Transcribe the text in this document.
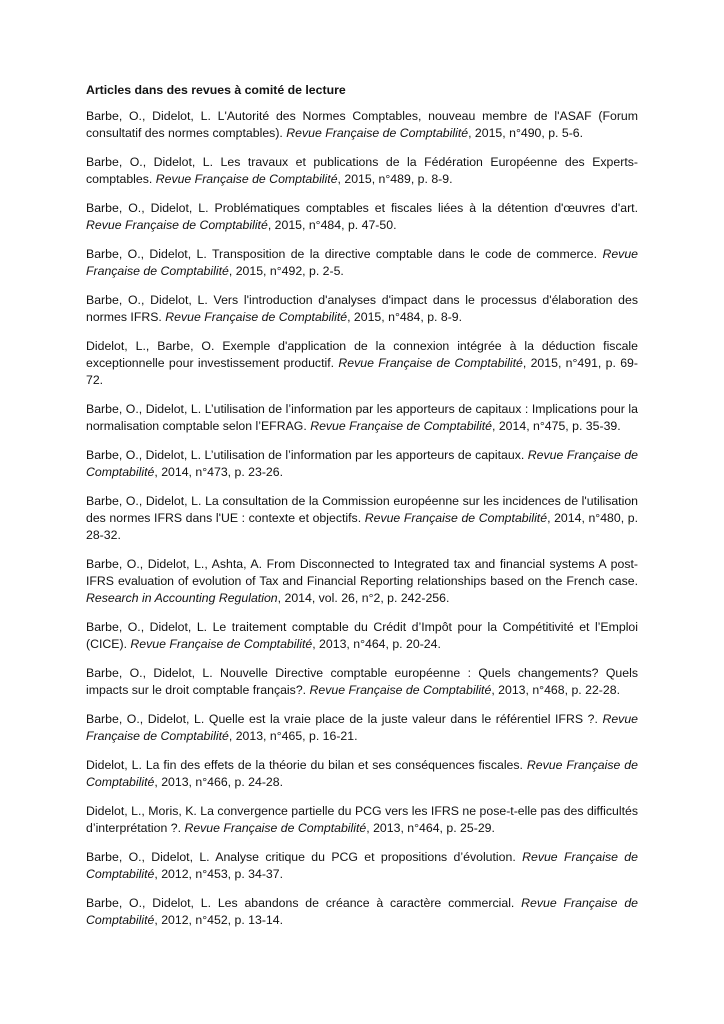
Articles dans des revues à comité de lecture

Barbe, O., Didelot, L. L'Autorité des Normes Comptables, nouveau membre de l'ASAF (Forum consultatif des normes comptables). Revue Française de Comptabilité, 2015, n°490, p. 5-6.

Barbe, O., Didelot, L. Les travaux et publications de la Fédération Européenne des Experts-comptables. Revue Française de Comptabilité, 2015, n°489, p. 8-9.

Barbe, O., Didelot, L. Problématiques comptables et fiscales liées à la détention d'œuvres d'art. Revue Française de Comptabilité, 2015, n°484, p. 47-50.

Barbe, O., Didelot, L. Transposition de la directive comptable dans le code de commerce. Revue Française de Comptabilité, 2015, n°492, p. 2-5.

Barbe, O., Didelot, L. Vers l'introduction d'analyses d'impact dans le processus d'élaboration des normes IFRS. Revue Française de Comptabilité, 2015, n°484, p. 8-9.

Didelot, L., Barbe, O. Exemple d'application de la connexion intégrée à la déduction fiscale exceptionnelle pour investissement productif. Revue Française de Comptabilité, 2015, n°491, p. 69-72.

Barbe, O., Didelot, L. L’utilisation de l’information par les apporteurs de capitaux : Implications pour la normalisation comptable selon l’EFRAG. Revue Française de Comptabilité, 2014, n°475, p. 35-39.

Barbe, O., Didelot, L. L’utilisation de l’information par les apporteurs de capitaux. Revue Française de Comptabilité, 2014, n°473, p. 23-26.

Barbe, O., Didelot, L. La consultation de la Commission européenne sur les incidences de l'utilisation des normes IFRS dans l'UE : contexte et objectifs. Revue Française de Comptabilité, 2014, n°480, p. 28-32.

Barbe, O., Didelot, L., Ashta, A. From Disconnected to Integrated tax and financial systems A post-IFRS evaluation of evolution of Tax and Financial Reporting relationships based on the French case. Research in Accounting Regulation, 2014, vol. 26, n°2, p. 242-256.

Barbe, O., Didelot, L. Le traitement comptable du Crédit d’Impôt pour la Compétitivité et l’Emploi (CICE). Revue Française de Comptabilité, 2013, n°464, p. 20-24.

Barbe, O., Didelot, L. Nouvelle Directive comptable européenne : Quels changements? Quels impacts sur le droit comptable français?. Revue Française de Comptabilité, 2013, n°468, p. 22-28.

Barbe, O., Didelot, L. Quelle est la vraie place de la juste valeur dans le référentiel IFRS ?. Revue Française de Comptabilité, 2013, n°465, p. 16-21.

Didelot, L. La fin des effets de la théorie du bilan et ses conséquences fiscales. Revue Française de Comptabilité, 2013, n°466, p. 24-28.

Didelot, L., Moris, K. La convergence partielle du PCG vers les IFRS ne pose-t-elle pas des difficultés d’interprétation ?. Revue Française de Comptabilité, 2013, n°464, p. 25-29.

Barbe, O., Didelot, L. Analyse critique du PCG et propositions d’évolution. Revue Française de Comptabilité, 2012, n°453, p. 34-37.

Barbe, O., Didelot, L. Les abandons de créance à caractère commercial. Revue Française de Comptabilité, 2012, n°452, p. 13-14.
